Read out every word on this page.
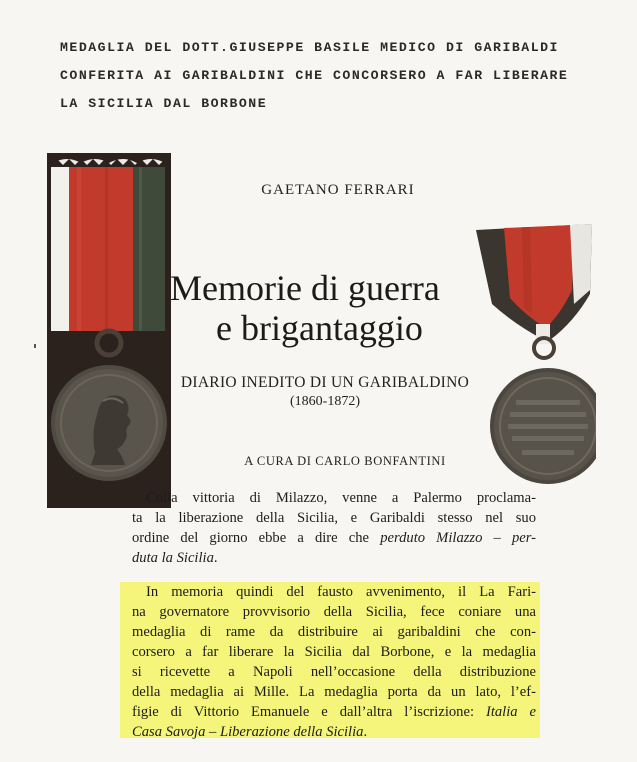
MEDAGLIA DEL DOTT.GIUSEPPE BASILE MEDICO DI GARIBALDI
CONFERITA AI GARIBALDINI CHE CONCORSERO A FAR LIBERARE
LA SICILIA DAL BORBONE
GAETANO FERRARI
Memorie di guerra
e brigantaggio
DIARIO INEDITO DI UN GARIBALDINO
(1860-1872)
A CURA DI CARLO BONFANTINI
Colla vittoria di Milazzo, venne a Palermo proclama-
ta la liberazione della Sicilia, e Garibaldi stesso nel suo
ordine del giorno ebbe a dire che perduto Milazzo – per-
duta la Sicilia.
In memoria quindi del fausto avvenimento, il La Fari-
na governatore provvisorio della Sicilia, fece coniare una
medaglia di rame da distribuire ai garibaldini che con-
corsero a far liberare la Sicilia dal Borbone, e la medaglia
si ricevette a Napoli nell’occasione della distribuzione
della medaglia ai Mille. La medaglia porta da un lato, l’ef-
figie di Vittorio Emanuele e dall’altra l’iscrizione: Italia e
Casa Savoja – Liberazione della Sicilia.
